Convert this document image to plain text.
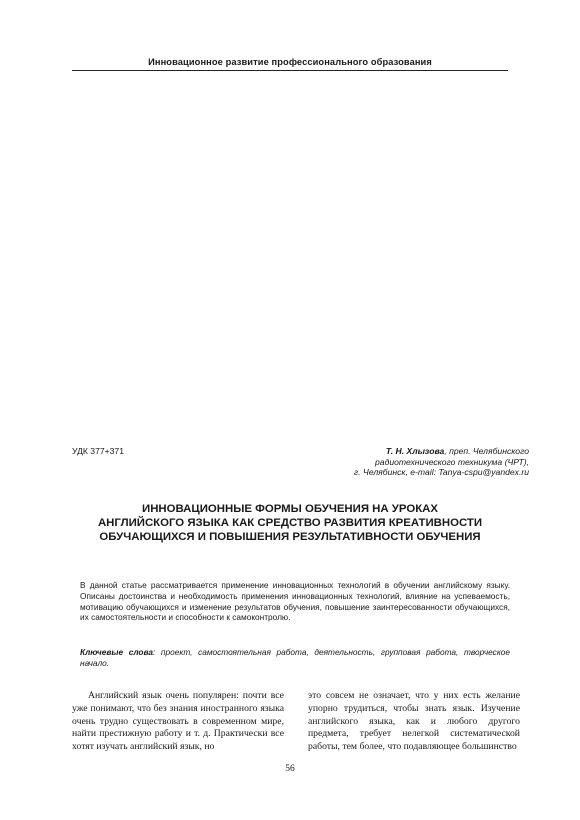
Инновационное развитие профессионального образования
УДК 377+371	Т. Н. Хлызова, преп. Челябинского
радиотехнического техникума (ЧРТ),
г. Челябинск, e-mail: Tanya-cspu@yandex.ru
ИННОВАЦИОННЫЕ ФОРМЫ ОБУЧЕНИЯ НА УРОКАХ
АНГЛИЙСКОГО ЯЗЫКА КАК СРЕДСТВО РАЗВИТИЯ КРЕАТИВНОСТИ
ОБУЧАЮЩИХСЯ И ПОВЫШЕНИЯ РЕЗУЛЬТАТИВНОСТИ ОБУЧЕНИЯ
В данной статье рассматривается применение инновационных технологий в обучении английскому языку. Описаны достоинства и необходимость применения инновационных технологий, влияние на успеваемость, мотивацию обучающихся и изменение результатов обучения, повышение заинтересованности обучающихся, их самостоятельности и способности к самоконтролю.
Ключевые слова: проект, самостоятельная работа, деятельность, групповая работа, творческое начало.
Английский язык очень популярен: почти все уже понимают, что без знания иностранного языка очень трудно существовать в современном мире, найти престижную работу и т. д. Практически все хотят изучать английский язык, но
это совсем не означает, что у них есть желание упорно трудиться, чтобы знать язык. Изучение английского языка, как и любого другого предмета, требует нелегкой систематической работы, тем более, что подавляющее большинство
56
